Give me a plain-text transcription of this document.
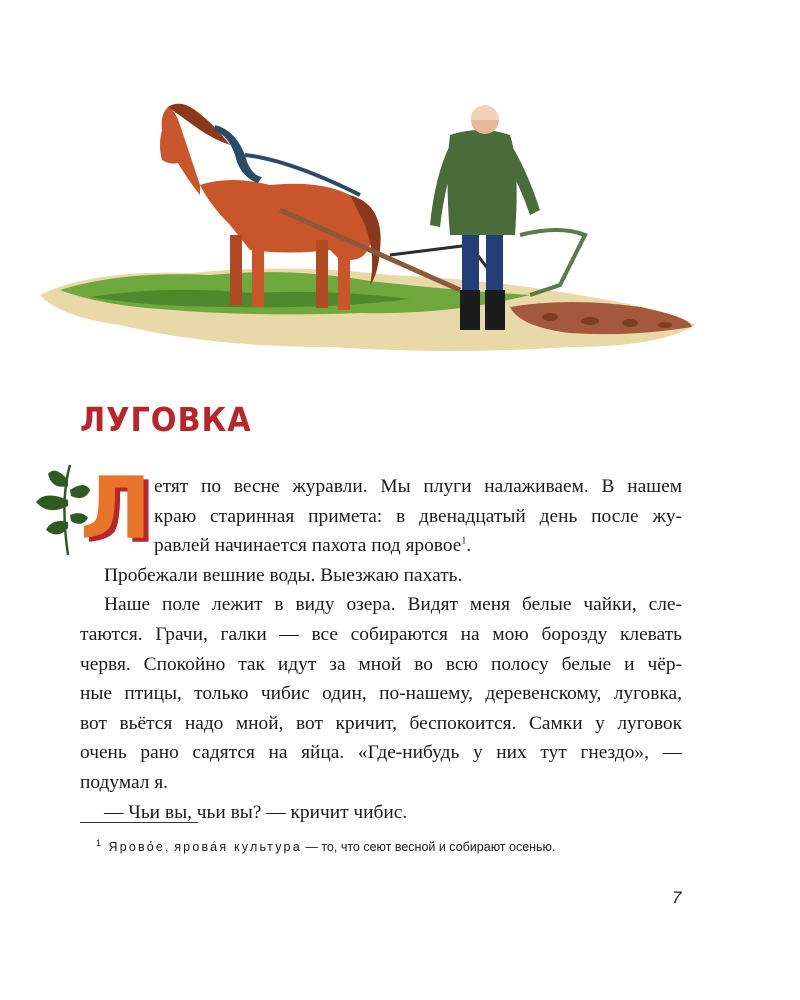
ЛУГОВКА
Л етят по весне журавли. Мы плуги налаживаем. В нашем
краю старинная примета: в двенадцатый день после жу-
равлей начинается пахота под яровое$^1$.
Пробежали вешние воды. Выезжаю пахать.
Наше поле лежит в виду озера. Видят меня белые чайки, сле-
таются. Грачи, галки — все собираются на мою борозду клевать
червя. Спокойно так идут за мной во всю полосу белые и чёр-
ные птицы, только чибис один, по-нашему, деревенскому, луговка,
вот вьётся надо мной, вот кричит, беспокоится. Самки у луговок
очень рано садятся на яйца. «Где-нибудь у них тут гнездо», —
подумал я.
— Чьи вы, чьи вы? — кричит чибис.
$^1$ Ярово́е, ярова́я культура — то, что сеют весной и собирают осенью.
7
